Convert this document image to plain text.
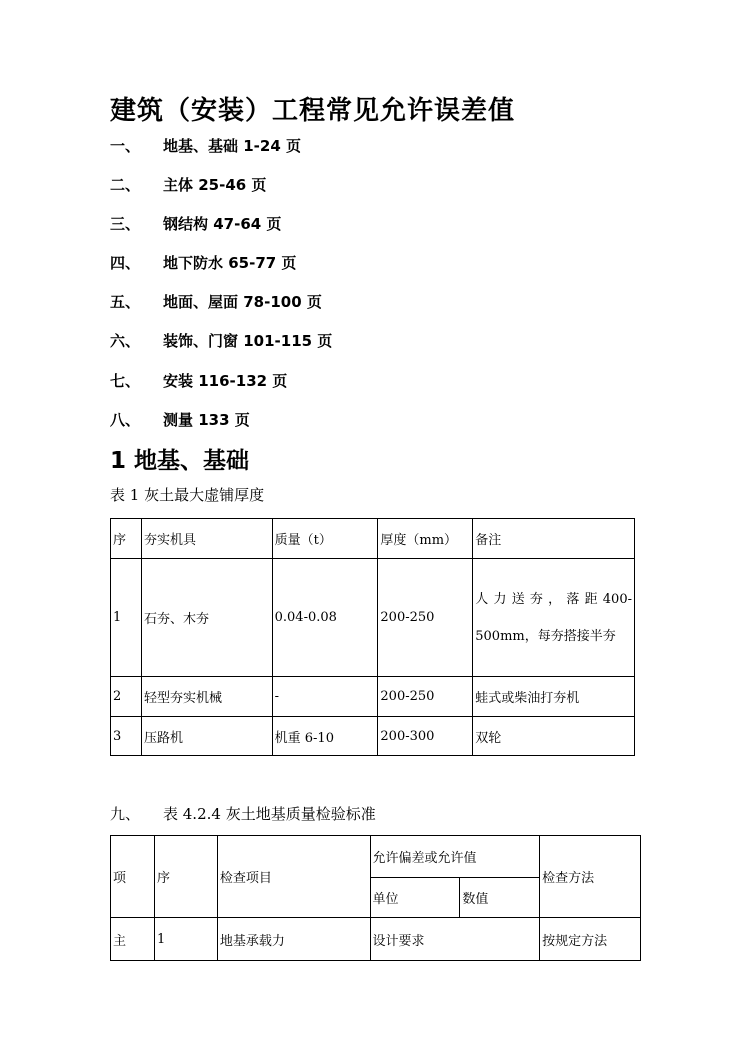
建筑（安装）工程常见允许误差值
一、	地基、基础 1-24 页
二、	主体 25-46 页
三、	钢结构 47-64 页
四、	地下防水 65-77 页
五、	地面、屋面 78-100 页
六、	装饰、门窗 101-115 页
七、	安装 116-132 页
八、	测量 133 页
1 地基、基础
表 1 灰土最大虚铺厚度
序	夯实机具	质量（t）	厚度（mm）	备注
1	石夯、木夯	0.04-0.08	200-250	人力送夯，落距400-500mm，每夯搭接半夯
2	轻型夯实机械	-	200-250	蛙式或柴油打夯机
3	压路机	机重 6-10	200-300	双轮
九、	表 4.2.4 灰土地基质量检验标准
项	序	检查项目	允许偏差或允许值		检查方法
			单位	数值	
主	1	地基承载力	设计要求		按规定方法
